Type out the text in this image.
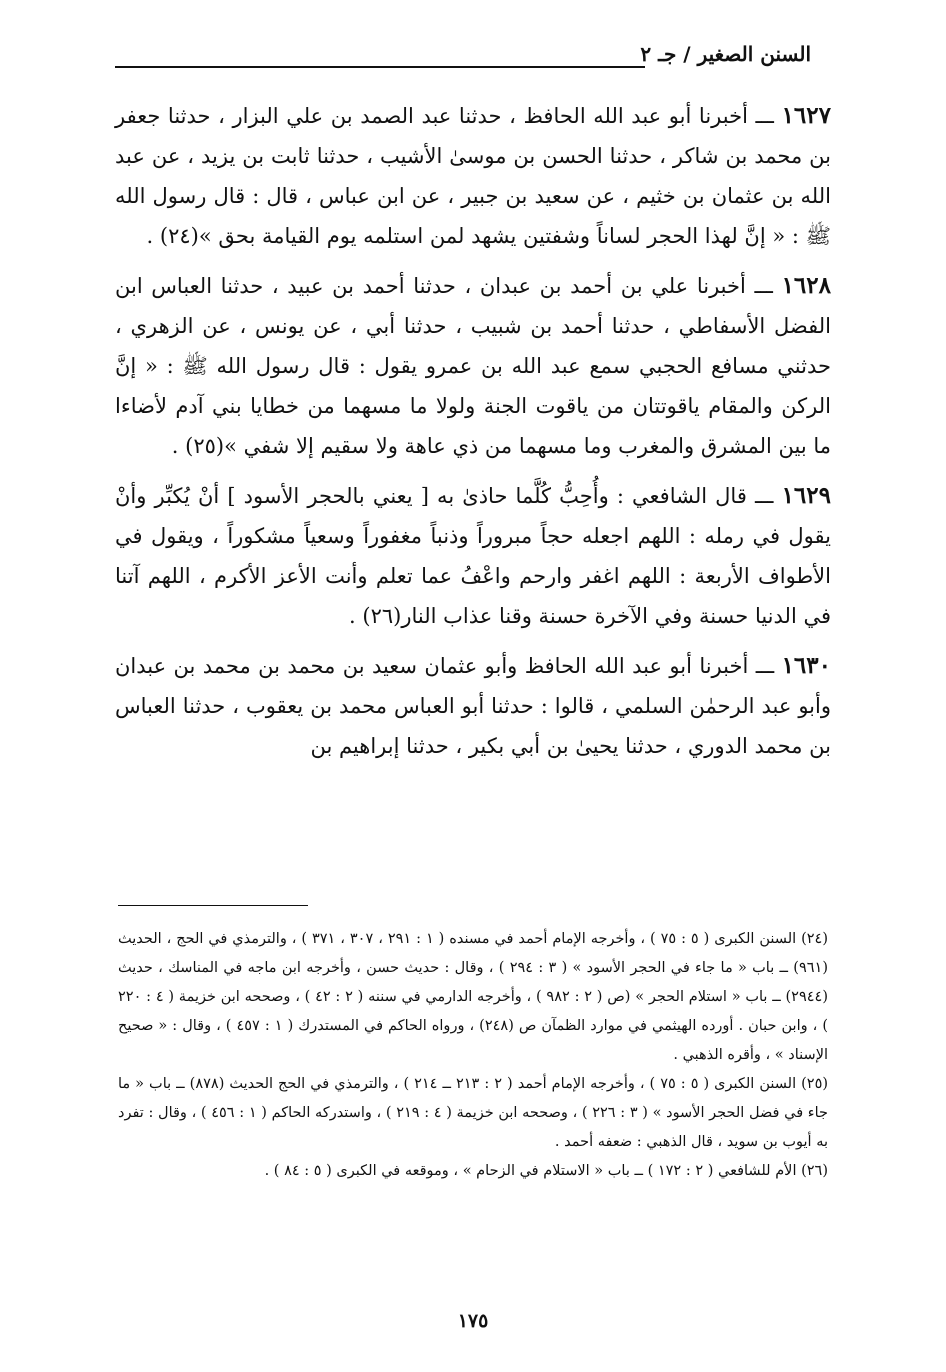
السنن الصغير / جـ ٢

١٦٢٧ ـــ أخبرنا أبو عبد الله الحافظ ، حدثنا عبد الصمد بن علي البزار ، حدثنا جعفر بن محمد بن شاكر ، حدثنا الحسن بن موسىٰ الأشيب ، حدثنا ثابت بن يزيد ، عن عبد الله بن عثمان بن خثيم ، عن سعيد بن جبير ، عن ابن عباس ، قال : قال رسول الله ﷺ : « إنَّ لهذا الحجر لساناً وشفتين يشهد لمن استلمه يوم القيامة بحق »(٢٤) .

١٦٢٨ ـــ أخبرنا علي بن أحمد بن عبدان ، حدثنا أحمد بن عبيد ، حدثنا العباس ابن الفضل الأسفاطي ، حدثنا أحمد بن شبيب ، حدثنا أبي ، عن يونس ، عن الزهري ، حدثني مسافع الحجبي سمع عبد الله بن عمرو يقول : قال رسول الله ﷺ : « إنَّ الركن والمقام ياقوتتان من ياقوت الجنة ولولا ما مسهما من خطايا بني آدم لأضاءا ما بين المشرق والمغرب وما مسهما من ذي عاهة ولا سقيم إلا شفي »(٢٥) .

١٦٢٩ ـــ قال الشافعي : وأُحِبُّ كُلَّما حاذىٰ به [ يعني بالحجر الأسود ] أنْ يُكبِّر وأنْ يقول في رمله : اللهم اجعله حجاً مبروراً وذنباً مغفوراً وسعياً مشكوراً ، ويقول في الأطواف الأربعة : اللهم اغفر وارحم واعْفُ عما تعلم وأنت الأعز الأكرم ، اللهم آتنا في الدنيا حسنة وفي الآخرة حسنة وقنا عذاب النار(٢٦) .

١٦٣٠ ـــ أخبرنا أبو عبد الله الحافظ وأبو عثمان سعيد بن محمد بن محمد بن عبدان وأبو عبد الرحمٰن السلمي ، قالوا : حدثنا أبو العباس محمد بن يعقوب ، حدثنا العباس بن محمد الدوري ، حدثنا يحيىٰ بن أبي بكير ، حدثنا إبراهيم بن

(٢٤) السنن الكبرى ( ٥ : ٧٥ ) ، وأخرجه الإمام أحمد في مسنده ( ١ : ٢٩١ ، ٣٠٧ ، ٣٧١ ) ، والترمذي في الحج ، الحديث (٩٦١) ــ باب « ما جاء في الحجر الأسود » ( ٣ : ٢٩٤ ) ، وقال : حديث حسن ، وأخرجه ابن ماجه في المناسك ، حديث (٢٩٤٤) ــ باب « استلام الحجر » (ص ( ٢ : ٩٨٢ ) ، وأخرجه الدارمي في سننه ( ٢ : ٤٢ ) ، وصححه ابن خزيمة ( ٤ : ٢٢٠ ) ، وابن حبان . أورده الهيثمي في موارد الظمآن ص (٢٤٨) ، ورواه الحاكم في المستدرك ( ١ : ٤٥٧ ) ، وقال : « صحيح الإسناد » ، وأقره الذهبي .

(٢٥) السنن الكبرى ( ٥ : ٧٥ ) ، وأخرجه الإمام أحمد ( ٢ : ٢١٣ ــ ٢١٤ ) ، والترمذي في الحج الحديث (٨٧٨) ــ باب « ما جاء في فضل الحجر الأسود » ( ٣ : ٢٢٦ ) ، وصححه ابن خزيمة ( ٤ : ٢١٩ ) ، واستدركه الحاكم ( ١ : ٤٥٦ ) ، وقال : تفرد به أيوب بن سويد ، قال الذهبي : ضعفه أحمد .

(٢٦) الأم للشافعي ( ٢ : ١٧٢ ) ــ باب « الاستلام في الزحام » ، وموقعه في الكبرى ( ٥ : ٨٤ ) .

١٧٥
